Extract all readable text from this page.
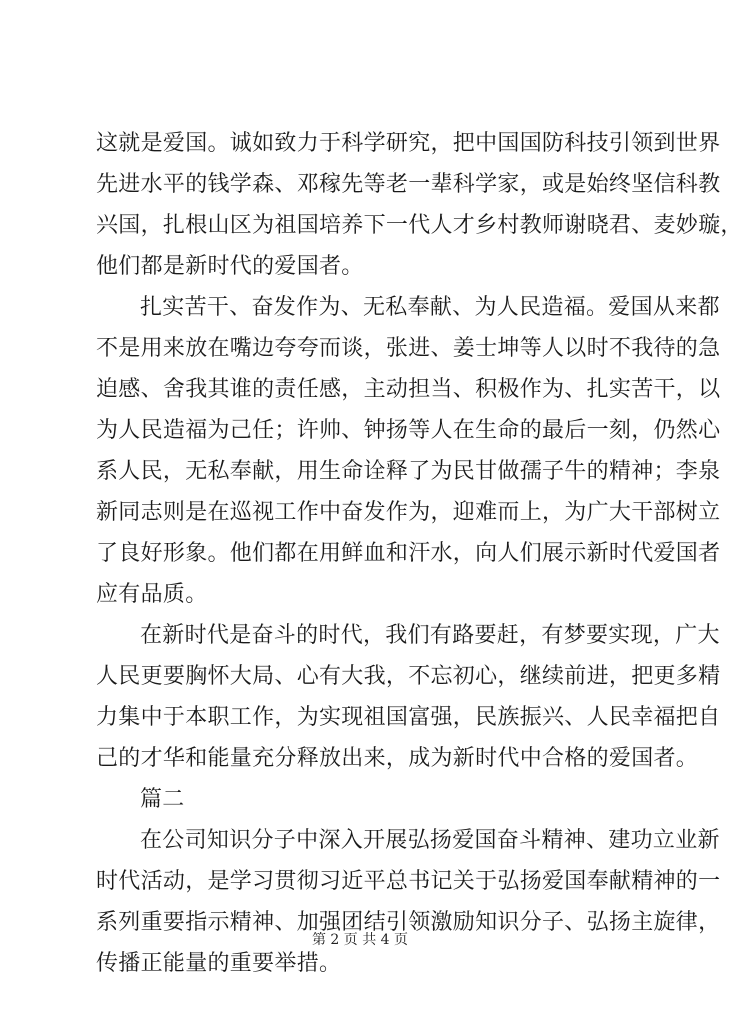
这就是爱国。诚如致力于科学研究，把中国国防科技引领到世界
先进水平的钱学森、邓稼先等老一辈科学家，或是始终坚信科教
兴国，扎根山区为祖国培养下一代人才乡村教师谢晓君、麦妙璇，
他们都是新时代的爱国者。
扎实苦干、奋发作为、无私奉献、为人民造福。爱国从来都
不是用来放在嘴边夸夸而谈，张进、姜士坤等人以时不我待的急
迫感、舍我其谁的责任感，主动担当、积极作为、扎实苦干，以
为人民造福为己任；许帅、钟扬等人在生命的最后一刻，仍然心
系人民，无私奉献，用生命诠释了为民甘做孺子牛的精神；李泉
新同志则是在巡视工作中奋发作为，迎难而上，为广大干部树立
了良好形象。他们都在用鲜血和汗水，向人们展示新时代爱国者
应有品质。
在新时代是奋斗的时代，我们有路要赶，有梦要实现，广大
人民更要胸怀大局、心有大我，不忘初心，继续前进，把更多精
力集中于本职工作，为实现祖国富强，民族振兴、人民幸福把自
己的才华和能量充分释放出来，成为新时代中合格的爱国者。
篇二
在公司知识分子中深入开展弘扬爱国奋斗精神、建功立业新
时代活动，是学习贯彻习近平总书记关于弘扬爱国奉献精神的一
系列重要指示精神、加强团结引领激励知识分子、弘扬主旋律，
传播正能量的重要举措。
第 2 页 共 4 页
